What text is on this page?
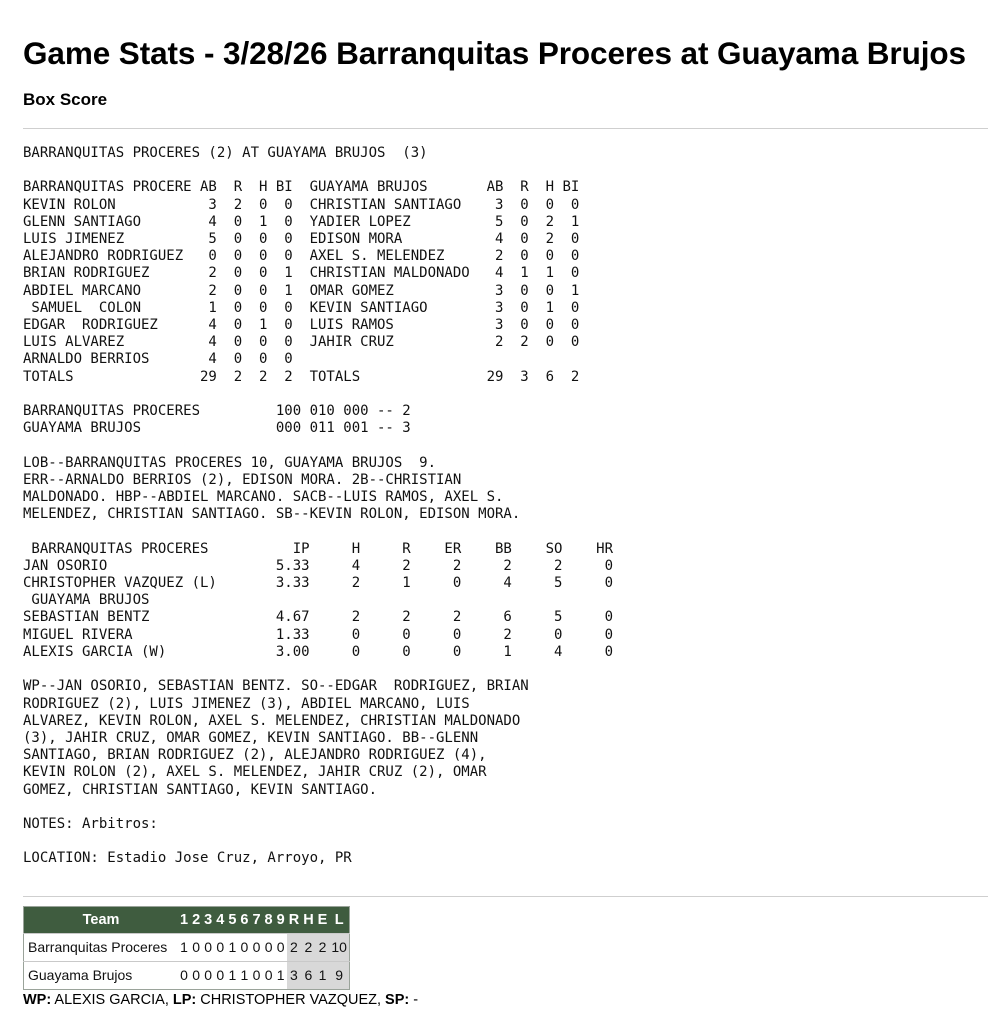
Game Stats - 3/28/26 Barranquitas Proceres at Guayama Brujos
Box Score
BARRANQUITAS PROCERES (2) AT GUAYAMA BRUJOS  (3)

BARRANQUITAS PROCERE AB  R  H BI  GUAYAMA BRUJOS       AB  R  H BI
KEVIN ROLON           3  2  0  0  CHRISTIAN SANTIAGO    3  0  0  0
GLENN SANTIAGO        4  0  1  0  YADIER LOPEZ          5  0  2  1
LUIS JIMENEZ          5  0  0  0  EDISON MORA           4  0  2  0
ALEJANDRO RODRIGUEZ   0  0  0  0  AXEL S. MELENDEZ      2  0  0  0
BRIAN RODRIGUEZ       2  0  0  1  CHRISTIAN MALDONADO   4  1  1  0
ABDIEL MARCANO        2  0  0  1  OMAR GOMEZ            3  0  0  1
SAMUEL  COLON        1  0  0  0  KEVIN SANTIAGO        3  0  1  0
EDGAR  RODRIGUEZ      4  0  1  0  LUIS RAMOS            3  0  0  0
LUIS ALVAREZ          4  0  0  0  JAHIR CRUZ            2  2  0  0
ARNALDO BERRIOS       4  0  0  0
TOTALS               29  2  2  2  TOTALS               29  3  6  2

BARRANQUITAS PROCERES         100 010 000 -- 2
GUAYAMA BRUJOS                000 011 001 -- 3

LOB--BARRANQUITAS PROCERES 10, GUAYAMA BRUJOS  9.
ERR--ARNALDO BERRIOS (2), EDISON MORA. 2B--CHRISTIAN
MALDONADO. HBP--ABDIEL MARCANO. SACB--LUIS RAMOS, AXEL S.
MELENDEZ, CHRISTIAN SANTIAGO. SB--KEVIN ROLON, EDISON MORA.

BARRANQUITAS PROCERES          IP     H     R    ER    BB    SO    HR
JAN OSORIO                    5.33     4     2     2     2     2     0
CHRISTOPHER VAZQUEZ (L)       3.33     2     1     0     4     5     0
GUAYAMA BRUJOS
SEBASTIAN BENTZ               4.67     2     2     2     6     5     0
MIGUEL RIVERA                 1.33     0     0     0     2     0     0
ALEXIS GARCIA (W)             3.00     0     0     0     1     4     0

WP--JAN OSORIO, SEBASTIAN BENTZ. SO--EDGAR  RODRIGUEZ, BRIAN
RODRIGUEZ (2), LUIS JIMENEZ (3), ABDIEL MARCANO, LUIS
ALVAREZ, KEVIN ROLON, AXEL S. MELENDEZ, CHRISTIAN MALDONADO
(3), JAHIR CRUZ, OMAR GOMEZ, KEVIN SANTIAGO. BB--GLENN
SANTIAGO, BRIAN RODRIGUEZ (2), ALEJANDRO RODRIGUEZ (4),
KEVIN ROLON (2), AXEL S. MELENDEZ, JAHIR CRUZ (2), OMAR
GOMEZ, CHRISTIAN SANTIAGO, KEVIN SANTIAGO.

NOTES: Arbitros:

LOCATION: Estadio Jose Cruz, Arroyo, PR
Team	1	2	3	4	5	6	7	8	9	R	H	E	L
Barranquitas Proceres	1	0	0	0	1	0	0	0	0	2	2	2	10
Guayama Brujos	0	0	0	0	1	1	0	0	1	3	6	1	9
WP: ALEXIS GARCIA, LP: CHRISTOPHER VAZQUEZ, SP: -
